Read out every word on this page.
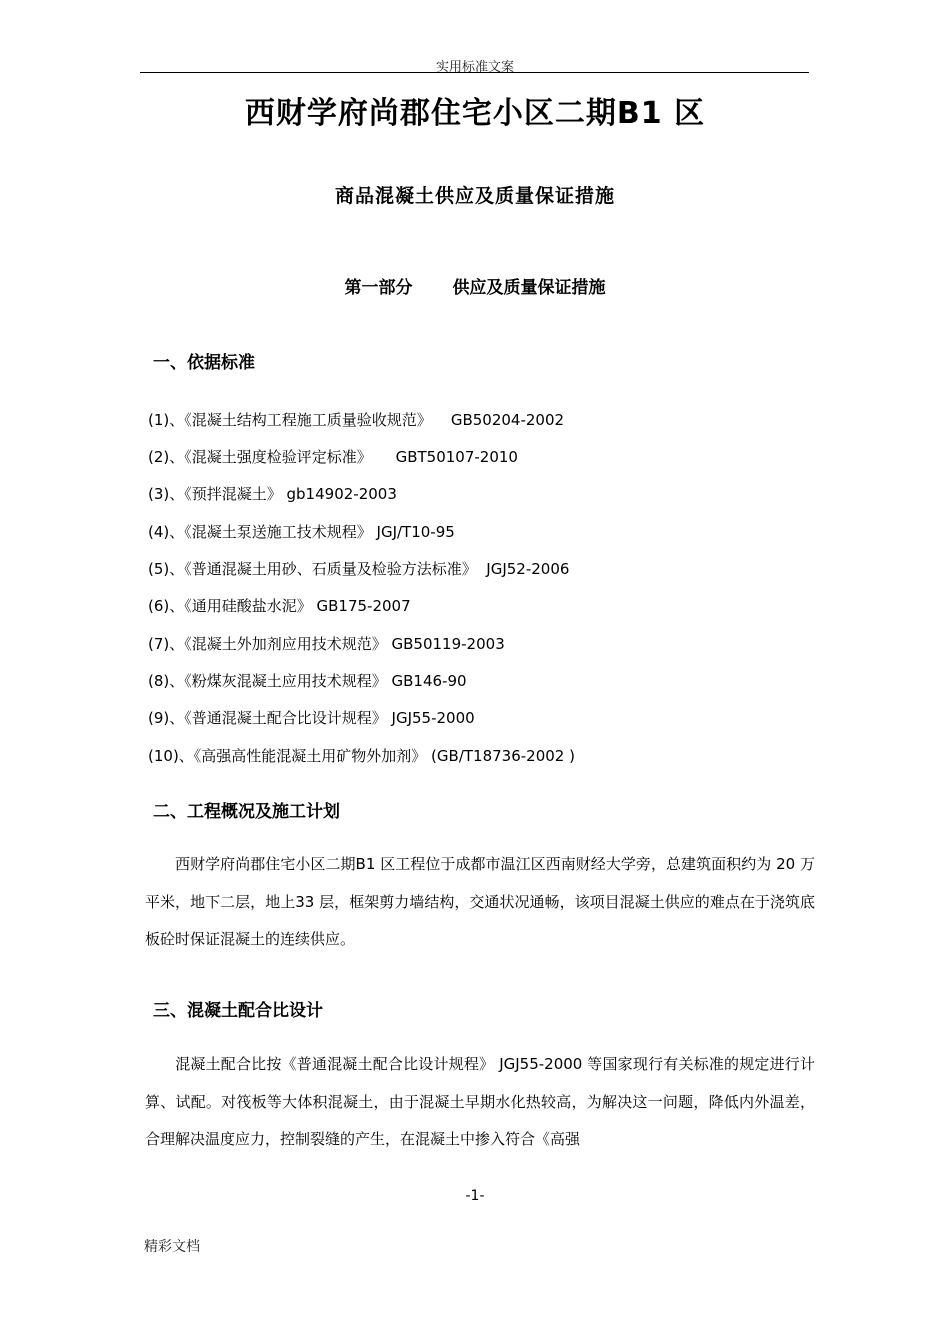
实用标准文案
西财学府尚郡住宅小区二期B1 区
商品混凝土供应及质量保证措施
第一部分 供应及质量保证措施
一、依据标准
(1)、《混凝土结构工程施工质量验收规范》    GB50204-2002
(2)、《混凝土强度检验评定标准》     GBT50107-2010
(3)、《预拌混凝土》 gb14902-2003
(4)、《混凝土泵送施工技术规程》 JGJ/T10-95
(5)、《普通混凝土用砂、石质量及检验方法标准》  JGJ52-2006
(6)、《通用硅酸盐水泥》 GB175-2007
(7)、《混凝土外加剂应用技术规范》 GB50119-2003
(8)、《粉煤灰混凝土应用技术规程》 GB146-90
(9)、《普通混凝土配合比设计规程》 JGJ55-2000
(10)、《高强高性能混凝土用矿物外加剂》 (GB/T18736-2002 )
二、工程概况及施工计划

西财学府尚郡住宅小区二期B1 区工程位于成都市温江区西南财经大学旁，总建筑面积约为 20 万平米，地下二层，地上33 层，框架剪力墙结构，交通状况通畅，该项目混凝土供应的难点在于浇筑底板砼时保证混凝土的连续供应。

三、混凝土配合比设计

混凝土配合比按《普通混凝土配合比设计规程》 JGJ55-2000 等国家现行有关标准的规定进行计算、试配。对筏板等大体积混凝土，由于混凝土早期水化热较高，为解决这一问题，降低内外温差，合理解决温度应力，控制裂缝的产生，在混凝土中掺入符合《高强

-1-
精彩文档
